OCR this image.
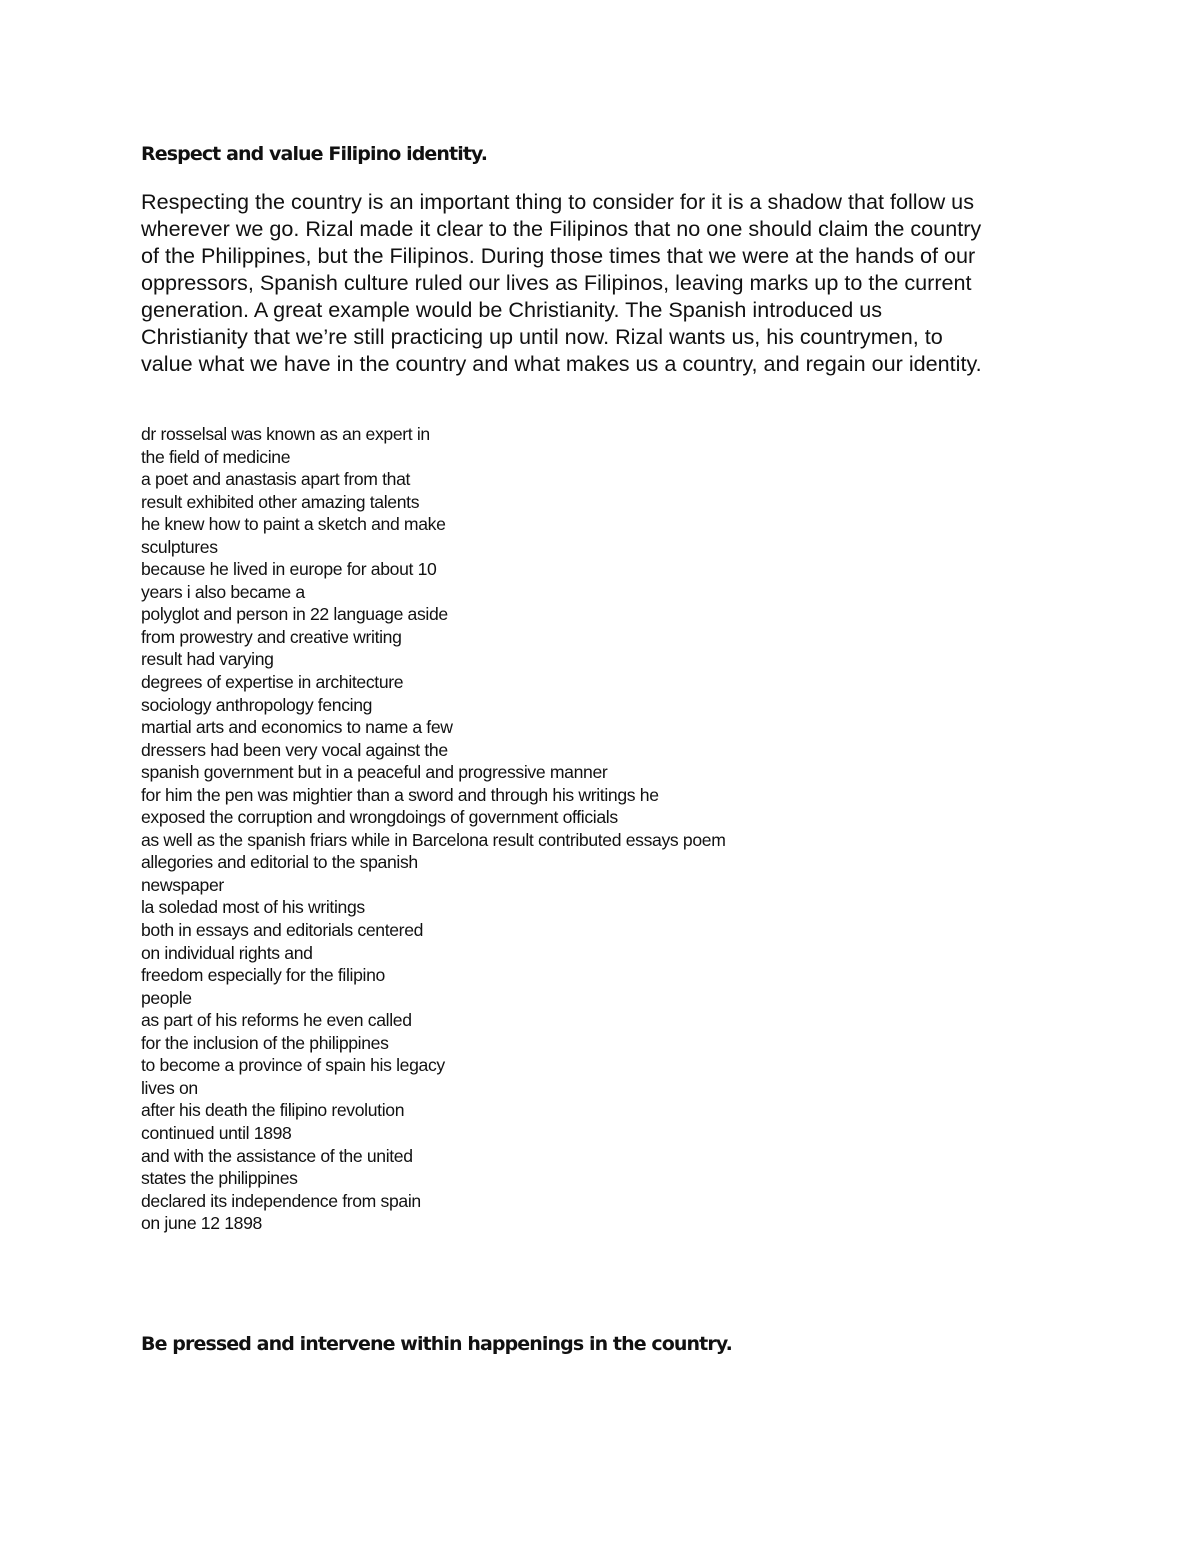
Respect and value Filipino identity.
Respecting the country is an important thing to consider for it is a shadow that follow us
wherever we go. Rizal made it clear to the Filipinos that no one should claim the country
of the Philippines, but the Filipinos. During those times that we were at the hands of our
oppressors, Spanish culture ruled our lives as Filipinos, leaving marks up to the current
generation. A great example would be Christianity. The Spanish introduced us
Christianity that we’re still practicing up until now. Rizal wants us, his countrymen, to
value what we have in the country and what makes us a country, and regain our identity.
dr rosselsal was known as an expert in
the field of medicine
a poet and anastasis apart from that
result exhibited other amazing talents
he knew how to paint a sketch and make
sculptures
because he lived in europe for about 10
years i also became a
polyglot and person in 22 language aside
from prowestry and creative writing
result had varying
degrees of expertise in architecture
sociology anthropology fencing
martial arts and economics to name a few
dressers had been very vocal against the
spanish government but in a peaceful and progressive manner
for him the pen was mightier than a sword and through his writings he
exposed the corruption and wrongdoings of government officials
as well as the spanish friars while in Barcelona result contributed essays poem
allegories and editorial to the spanish
newspaper
la soledad most of his writings
both in essays and editorials centered
on individual rights and
freedom especially for the filipino
people
as part of his reforms he even called
for the inclusion of the philippines
to become a province of spain his legacy
lives on
after his death the filipino revolution
continued until 1898
and with the assistance of the united
states the philippines
declared its independence from spain
on june 12 1898
Be pressed and intervene within happenings in the country.
